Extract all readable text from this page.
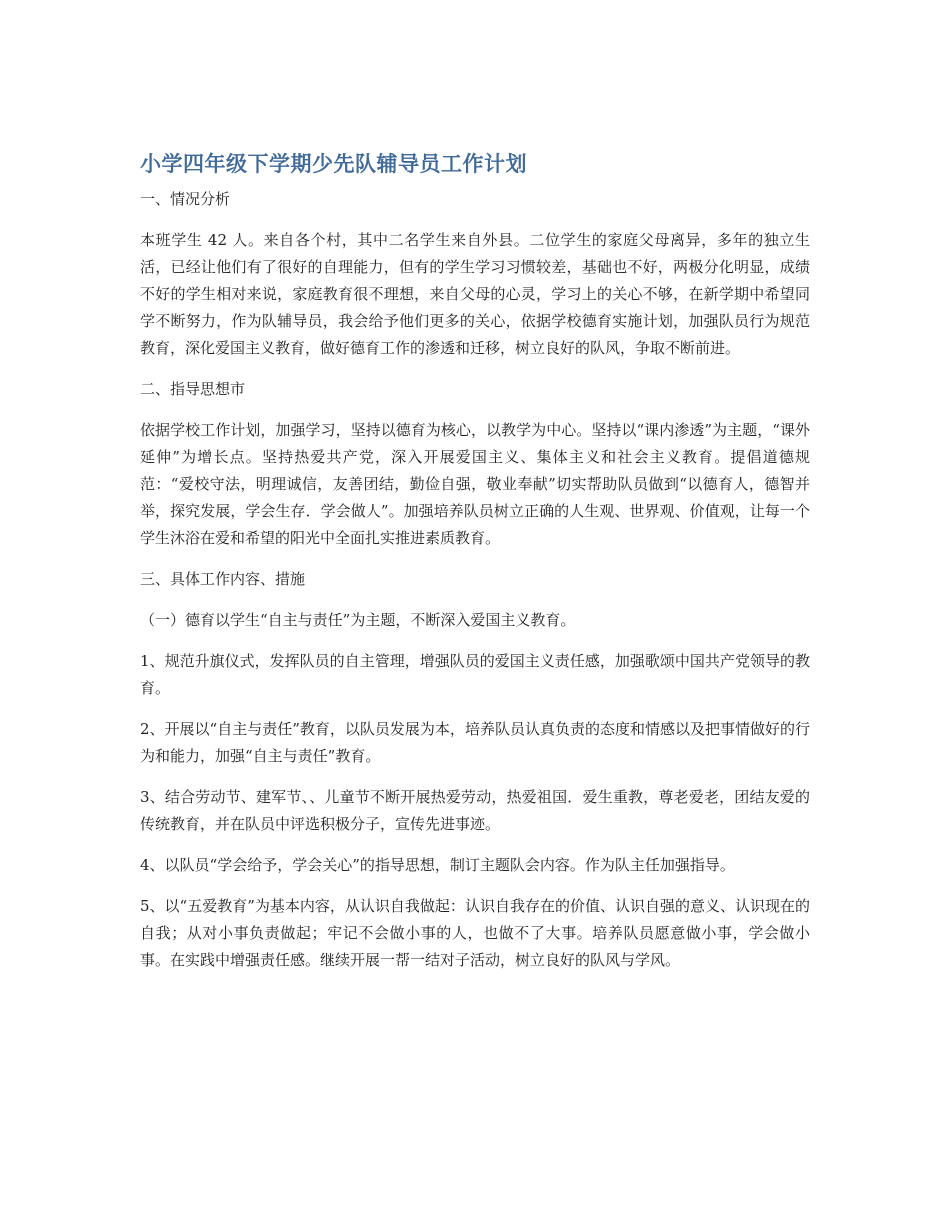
小学四年级下学期少先队辅导员工作计划
一、情况分析

本班学生 42 人。来自各个村，其中二名学生来自外县。二位学生的家庭父母离异，多年的独立生活，已经让他们有了很好的自理能力，但有的学生学习习惯较差，基础也不好，两极分化明显，成绩不好的学生相对来说，家庭教育很不理想，来自父母的心灵，学习上的关心不够，在新学期中希望同学不断努力，作为队辅导员，我会给予他们更多的关心，依据学校德育实施计划，加强队员行为规范教育，深化爱国主义教育，做好德育工作的渗透和迁移，树立良好的队风，争取不断前进。

二、指导思想市

依据学校工作计划，加强学习，坚持以德育为核心，以教学为中心。坚持以“课内渗透”为主题，“课外延伸”为增长点。坚持热爱共产党，深入开展爱国主义、集体主义和社会主义教育。提倡道德规范：“爱校守法，明理诚信，友善团结，勤俭自强，敬业奉献”切实帮助队员做到“以德育人，德智并举，探究发展，学会生存．学会做人”。加强培养队员树立正确的人生观、世界观、价值观，让每一个学生沐浴在爱和希望的阳光中全面扎实推进素质教育。

三、具体工作内容、措施
（一）德育以学生“自主与责任”为主题，不断深入爱国主义教育。

1、规范升旗仪式，发挥队员的自主管理，增强队员的爱国主义责任感，加强歌颂中国共产党领导的教育。

2、开展以“自主与责任”教育，以队员发展为本，培养队员认真负责的态度和情感以及把事情做好的行为和能力，加强“自主与责任”教育。

3、结合劳动节、建军节、、儿童节不断开展热爱劳动，热爱祖国．爱生重教，尊老爱老，团结友爱的传统教育，并在队员中评选积极分子，宣传先进事迹。

4、以队员“学会给予，学会关心”的指导思想，制订主题队会内容。作为队主任加强指导。

5、以“五爱教育”为基本内容，从认识自我做起：认识自我存在的价值、认识自强的意义、认识现在的自我；从对小事负责做起；牢记不会做小事的人，也做不了大事。培养队员愿意做小事，学会做小事。在实践中增强责任感。继续开展一帮一结对子活动，树立良好的队风与学风。
